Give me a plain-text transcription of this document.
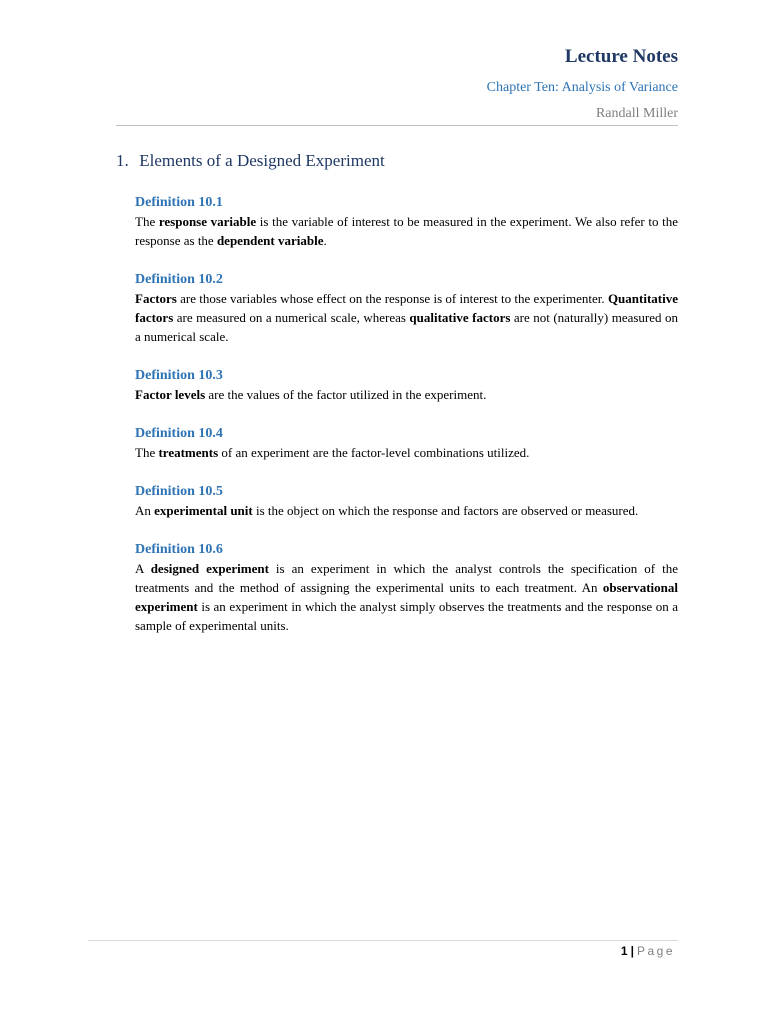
Lecture Notes
Chapter Ten: Analysis of Variance
Randall Miller
1. Elements of a Designed Experiment
Definition 10.1
The response variable is the variable of interest to be measured in the experiment. We also refer to the response as the dependent variable.
Definition 10.2
Factors are those variables whose effect on the response is of interest to the experimenter. Quantitative factors are measured on a numerical scale, whereas qualitative factors are not (naturally) measured on a numerical scale.
Definition 10.3
Factor levels are the values of the factor utilized in the experiment.
Definition 10.4
The treatments of an experiment are the factor-level combinations utilized.
Definition 10.5
An experimental unit is the object on which the response and factors are observed or measured.
Definition 10.6
A designed experiment is an experiment in which the analyst controls the specification of the treatments and the method of assigning the experimental units to each treatment. An observational experiment is an experiment in which the analyst simply observes the treatments and the response on a sample of experimental units.
1 | Page
